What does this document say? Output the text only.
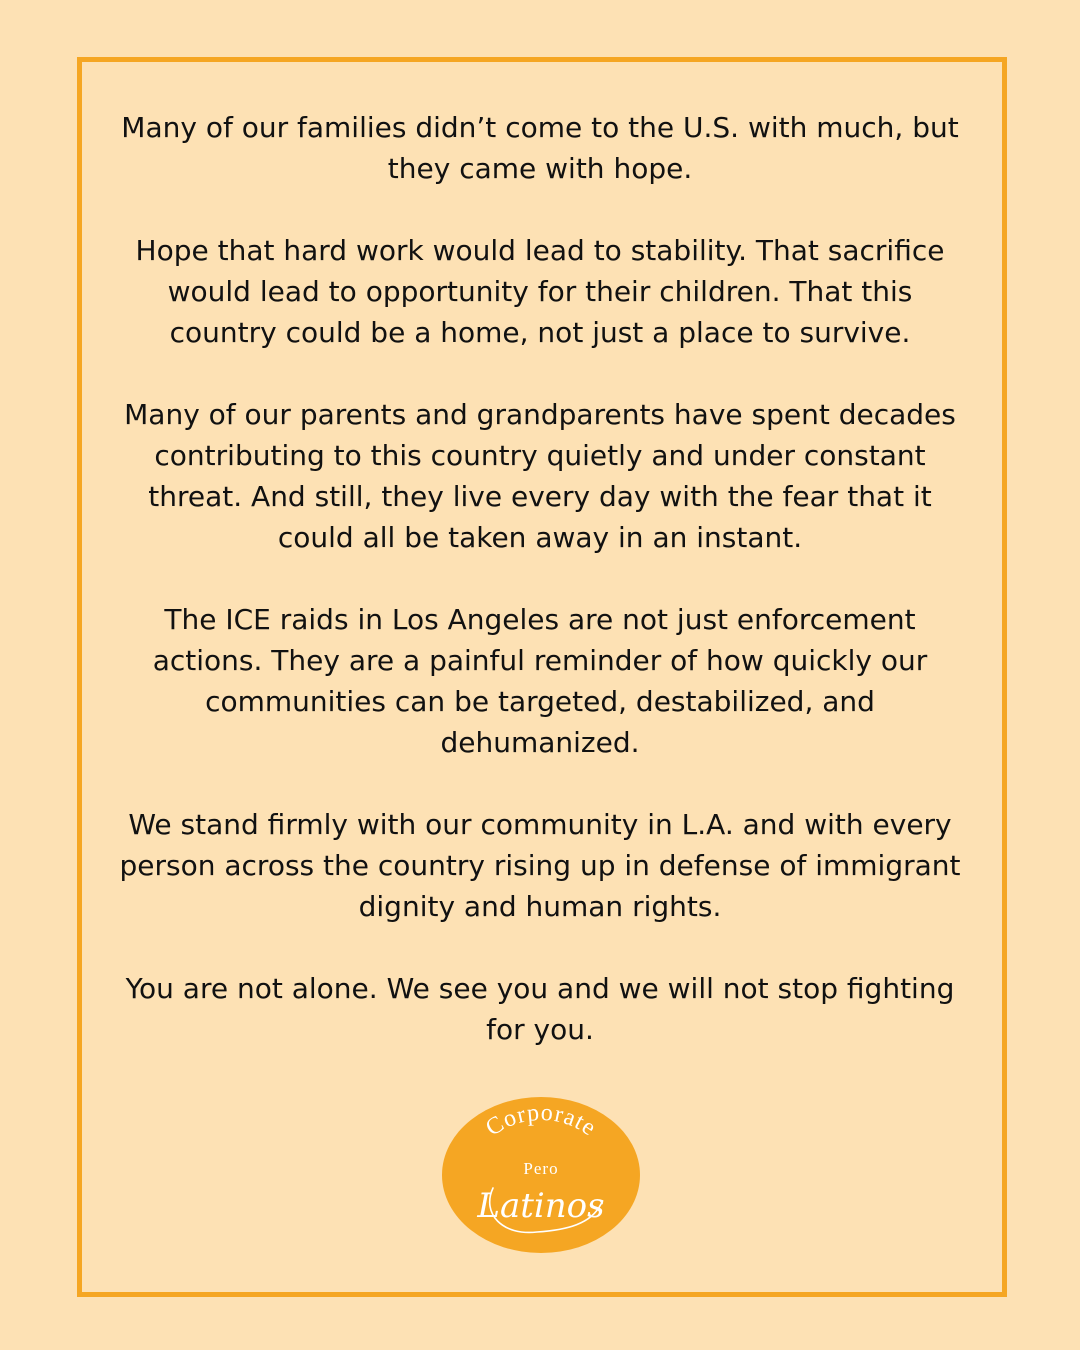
Many of our families didn’t come to the U.S. with much, but they came with hope.

Hope that hard work would lead to stability. That sacrifice would lead to opportunity for their children. That this country could be a home, not just a place to survive.

Many of our parents and grandparents have spent decades contributing to this country quietly and under constant threat. And still, they live every day with the fear that it could all be taken away in an instant.

The ICE raids in Los Angeles are not just enforcement actions. They are a painful reminder of how quickly our communities can be targeted, destabilized, and dehumanized.

We stand firmly with our community in L.A. and with every person across the country rising up in defense of immigrant dignity and human rights.

You are not alone. We see you and we will not stop fighting for you.

Corporate
Pero
Latinos
